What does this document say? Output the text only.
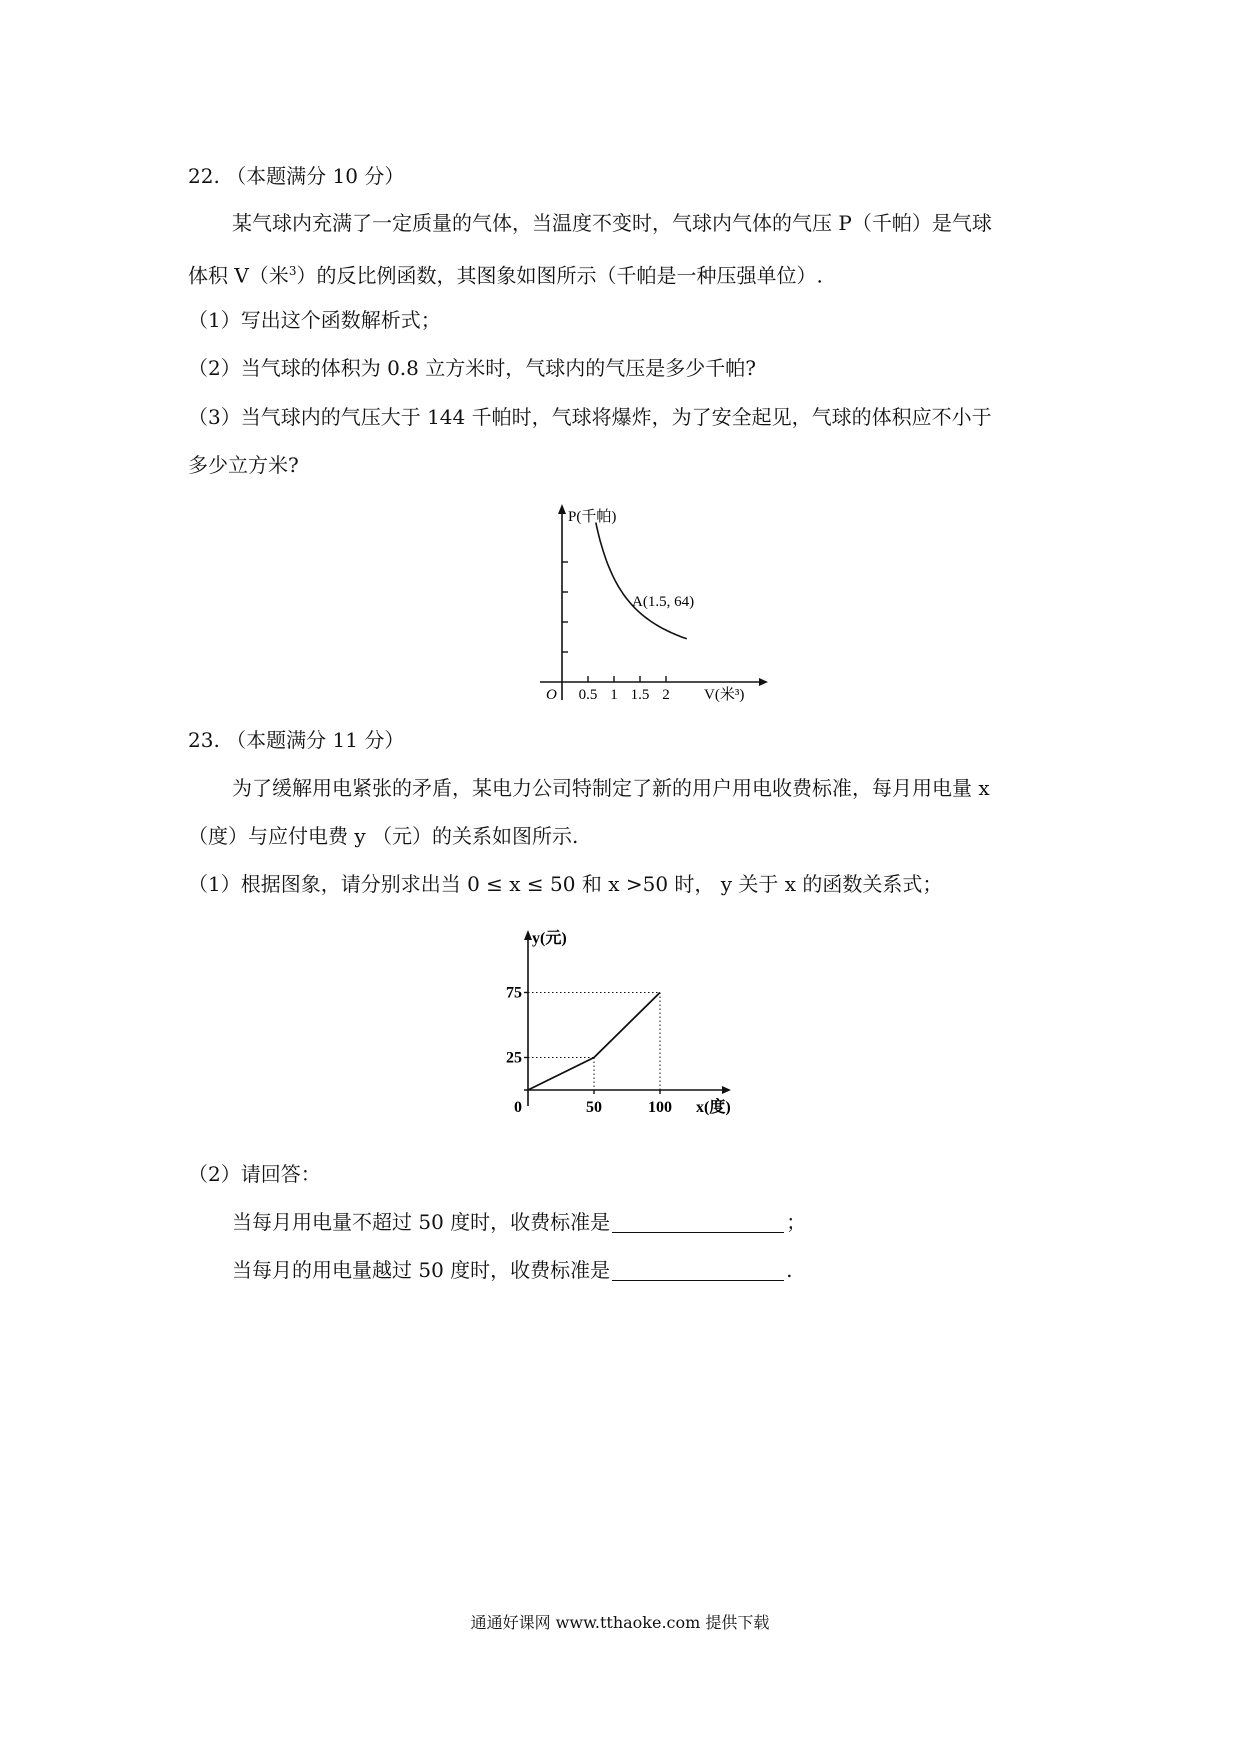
22. （本题满分 10 分）
某气球内充满了一定质量的气体，当温度不变时，气球内气体的气压 P（千帕）是气球
体积 V（米$^3$）的反比例函数，其图象如图所示（千帕是一种压强单位）.
（1）写出这个函数解析式；
（2）当气球的体积为 0.8 立方米时，气球内的气压是多少千帕?
（3）当气球内的气压大于 144 千帕时，气球将爆炸，为了安全起见，气球的体积应不小于
多少立方米?
0.5 1 1.5 2
P(千帕)
O	V(米³)
A(1.5, 64)
23. （本题满分 11 分）
为了缓解用电紧张的矛盾，某电力公司特制定了新的用户用电收费标准，每月用电量 x
（度）与应付电费 y （元）的关系如图所示.
（1）根据图象，请分别求出当 0 ≤ x ≤ 50 和 x >50 时， y 关于 x 的函数关系式；
25
75
50	100
y(元)
0	x(度)
（2）请回答：
当每月用电量不超过 50 度时，收费标准是	；
当每月的用电量越过 50 度时，收费标准是	.
通通好课网 www.tthaoke.com 提供下载
